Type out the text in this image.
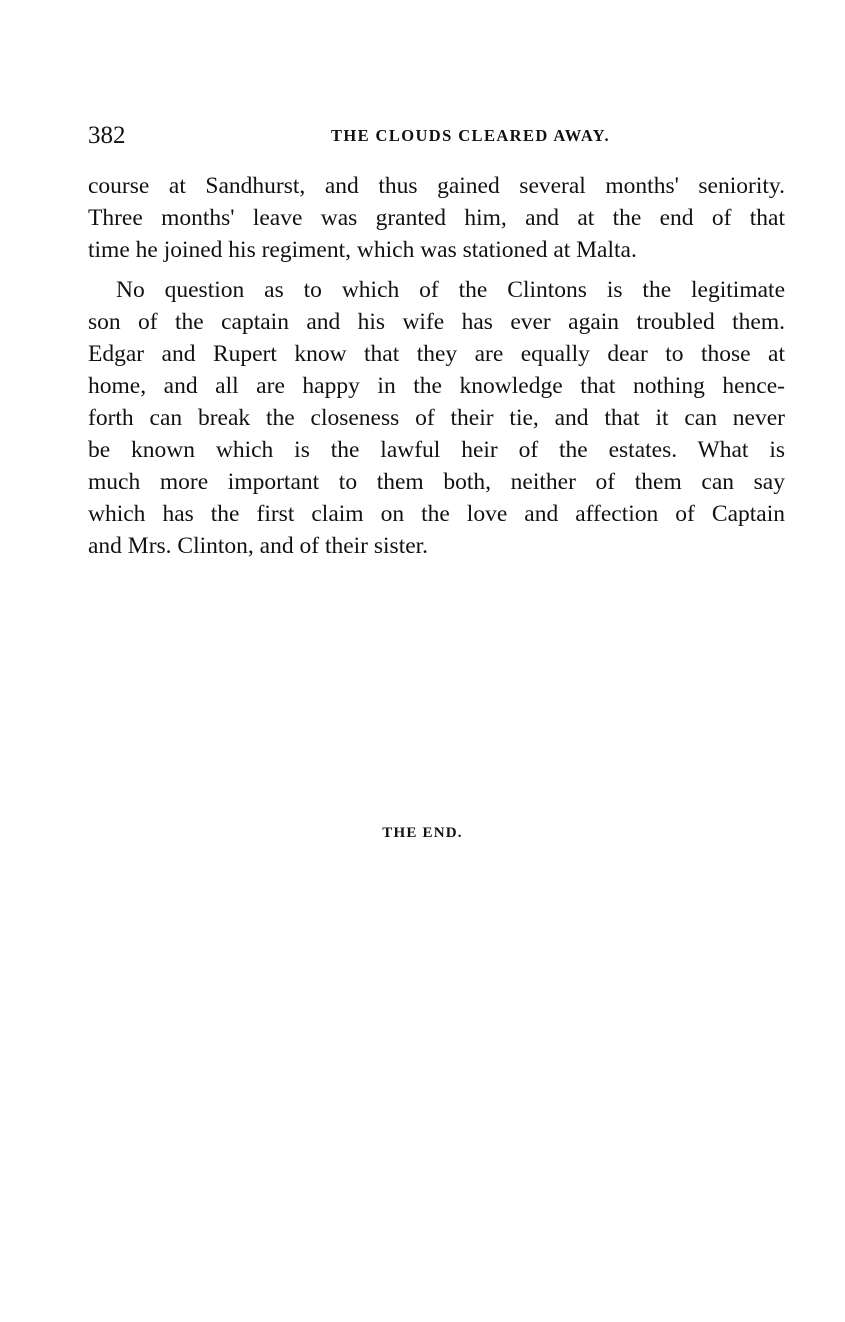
382	THE CLOUDS CLEARED AWAY.

course at Sandhurst, and thus gained several months' seniority.
Three months' leave was granted him, and at the end of that
time he joined his regiment, which was stationed at Malta.

No question as to which of the Clintons is the legitimate
son of the captain and his wife has ever again troubled them.
Edgar and Rupert know that they are equally dear to those at
home, and all are happy in the knowledge that nothing hence-
forth can break the closeness of their tie, and that it can never
be known which is the lawful heir of the estates. What is
much more important to them both, neither of them can say
which has the first claim on the love and affection of Captain
and Mrs. Clinton, and of their sister.

THE END.
